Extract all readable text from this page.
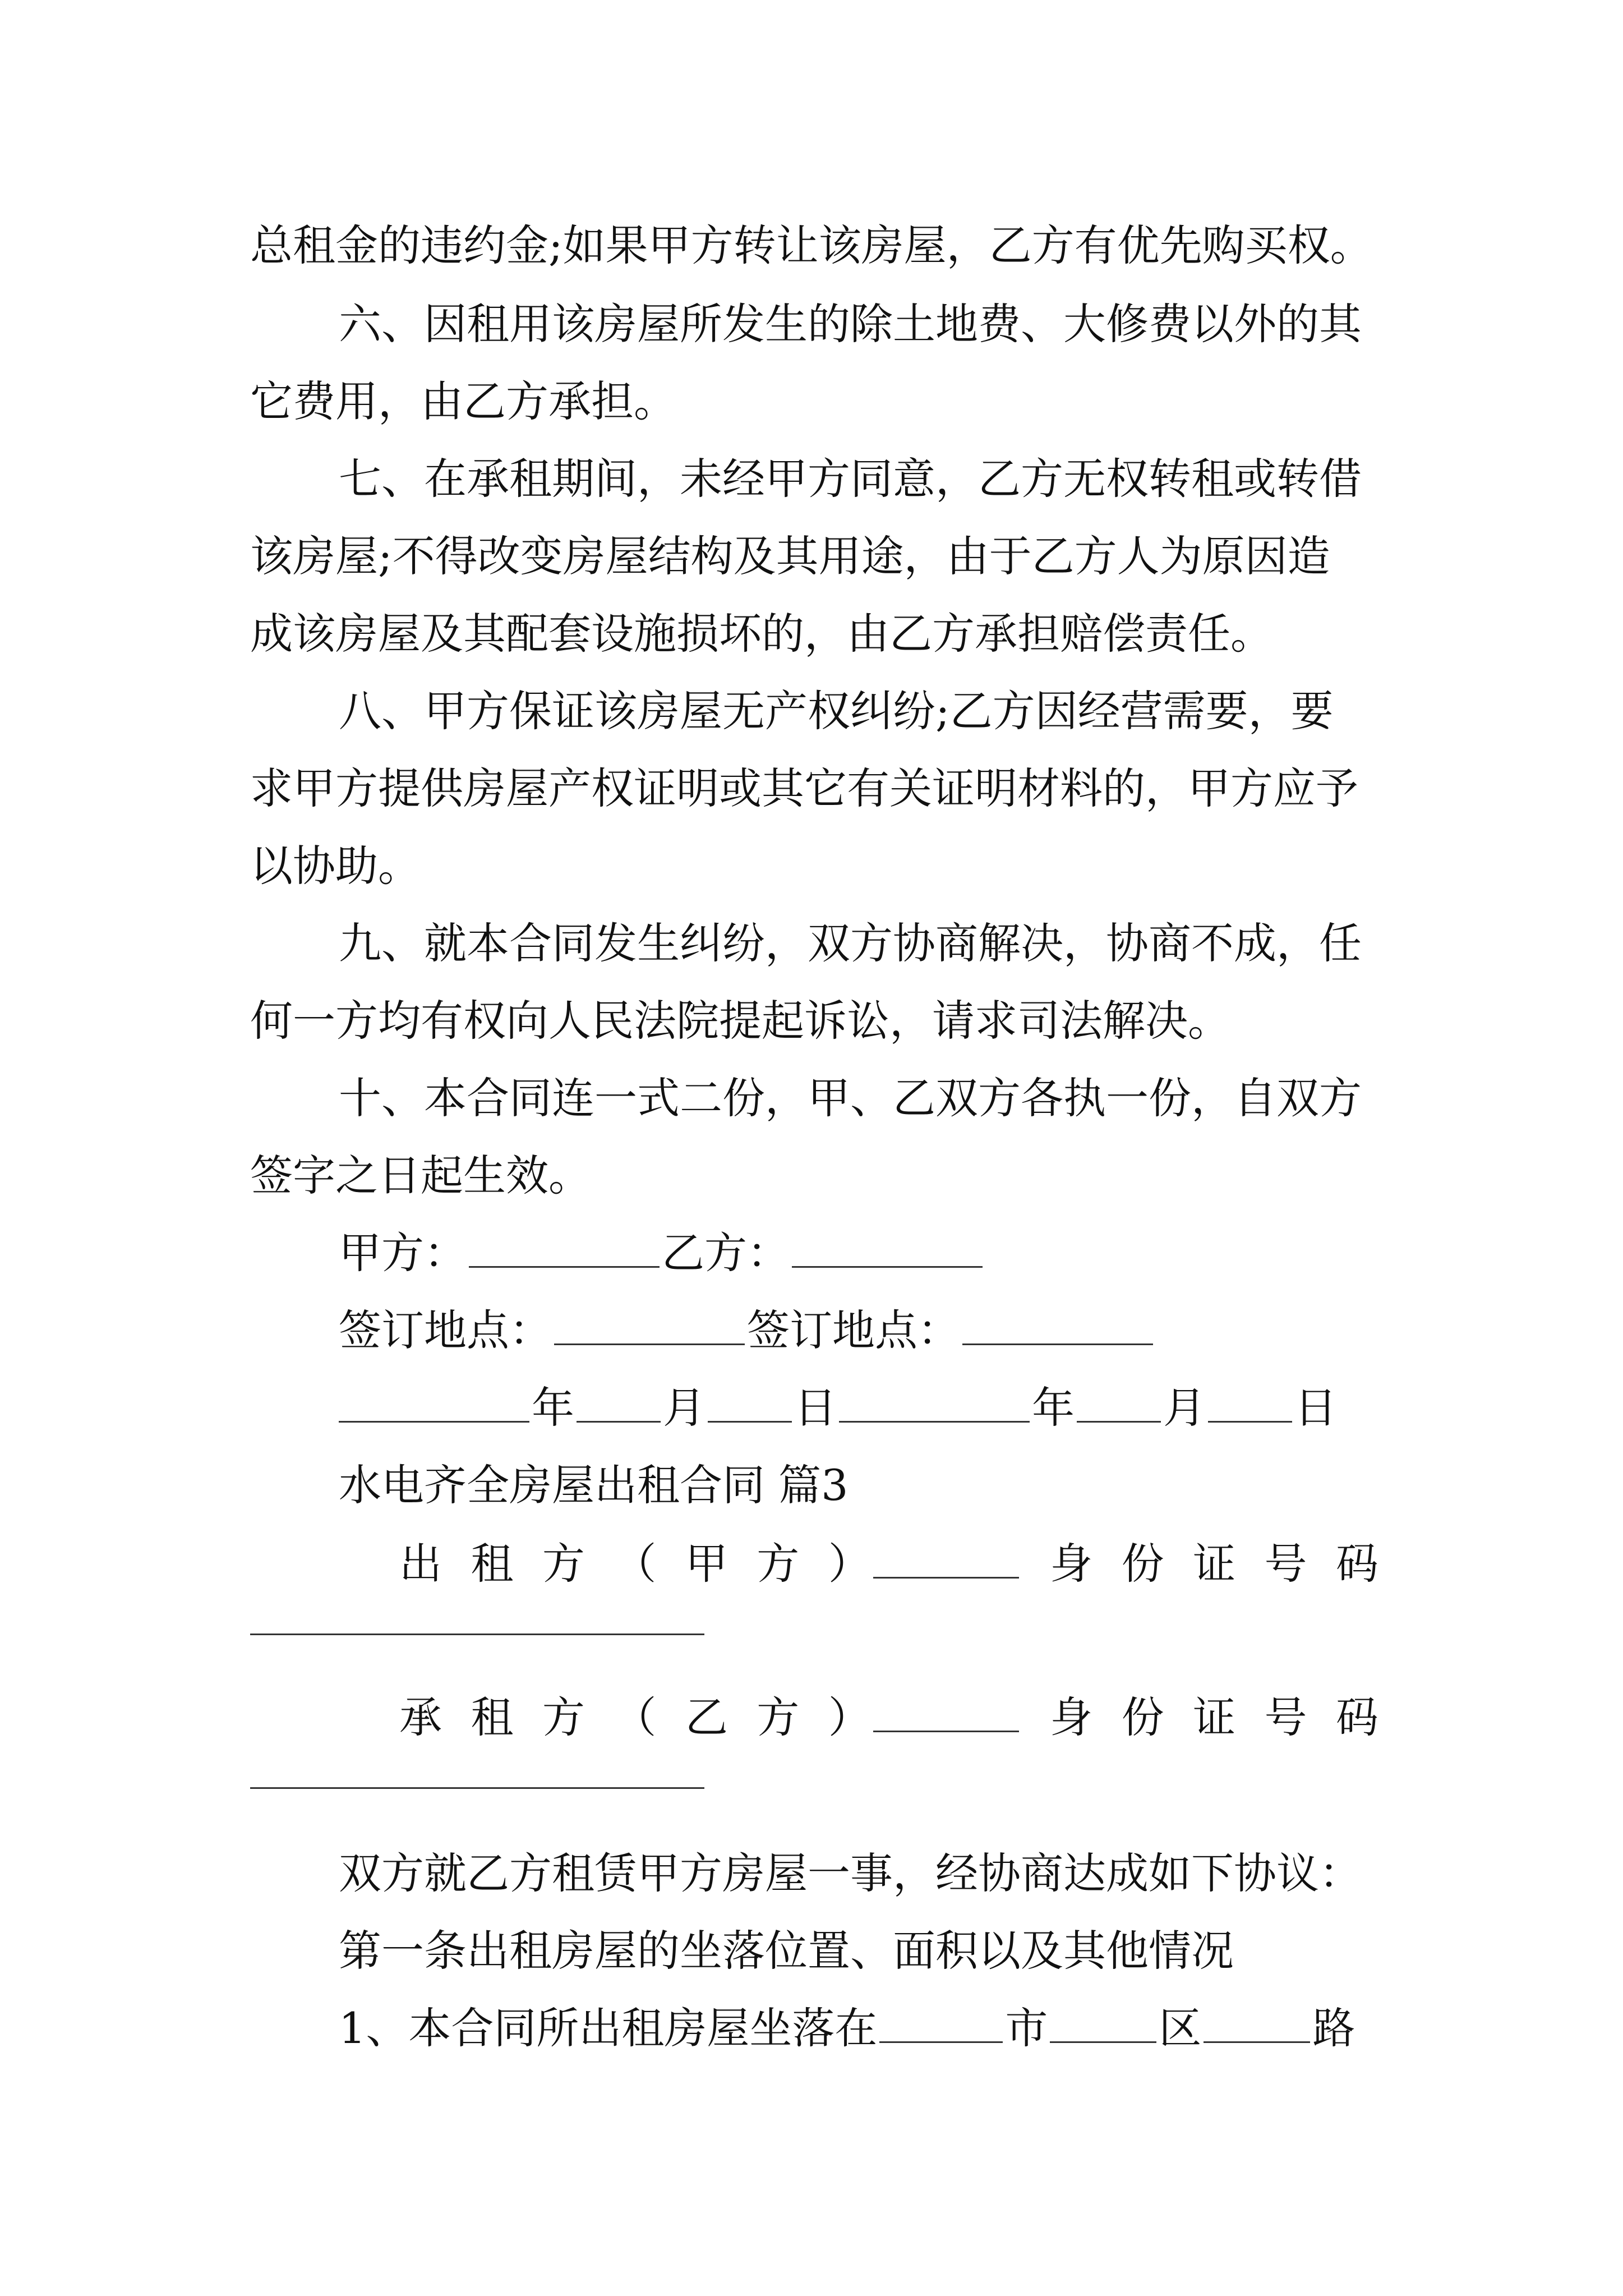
总租金的违约金;如果甲方转让该房屋，乙方有优先购买权。
六、因租用该房屋所发生的除土地费、大修费以外的其
它费用，由乙方承担。
七、在承租期间，未经甲方同意，乙方无权转租或转借
该房屋;不得改变房屋结构及其用途，由于乙方人为原因造
成该房屋及其配套设施损坏的，由乙方承担赔偿责任。
八、甲方保证该房屋无产权纠纷;乙方因经营需要，要
求甲方提供房屋产权证明或其它有关证明材料的，甲方应予
以协助。
九、就本合同发生纠纷，双方协商解决，协商不成，任
何一方均有权向人民法院提起诉讼，请求司法解决。
十、本合同连一式二份，甲、乙双方各执一份，自双方
签字之日起生效。
甲方：	乙方：
签订地点：	签订地点：
年 月 日	年 月 日
水电齐全房屋出租合同 篇3
出 租 方 （ 甲 方 ）	身 份 证 号 码
承 租 方 （ 乙 方 ）	身 份 证 号 码
双方就乙方租赁甲方房屋一事，经协商达成如下协议：
第一条出租房屋的坐落位置、面积以及其他情况
1、本合同所出租房屋坐落在	市	区	路
